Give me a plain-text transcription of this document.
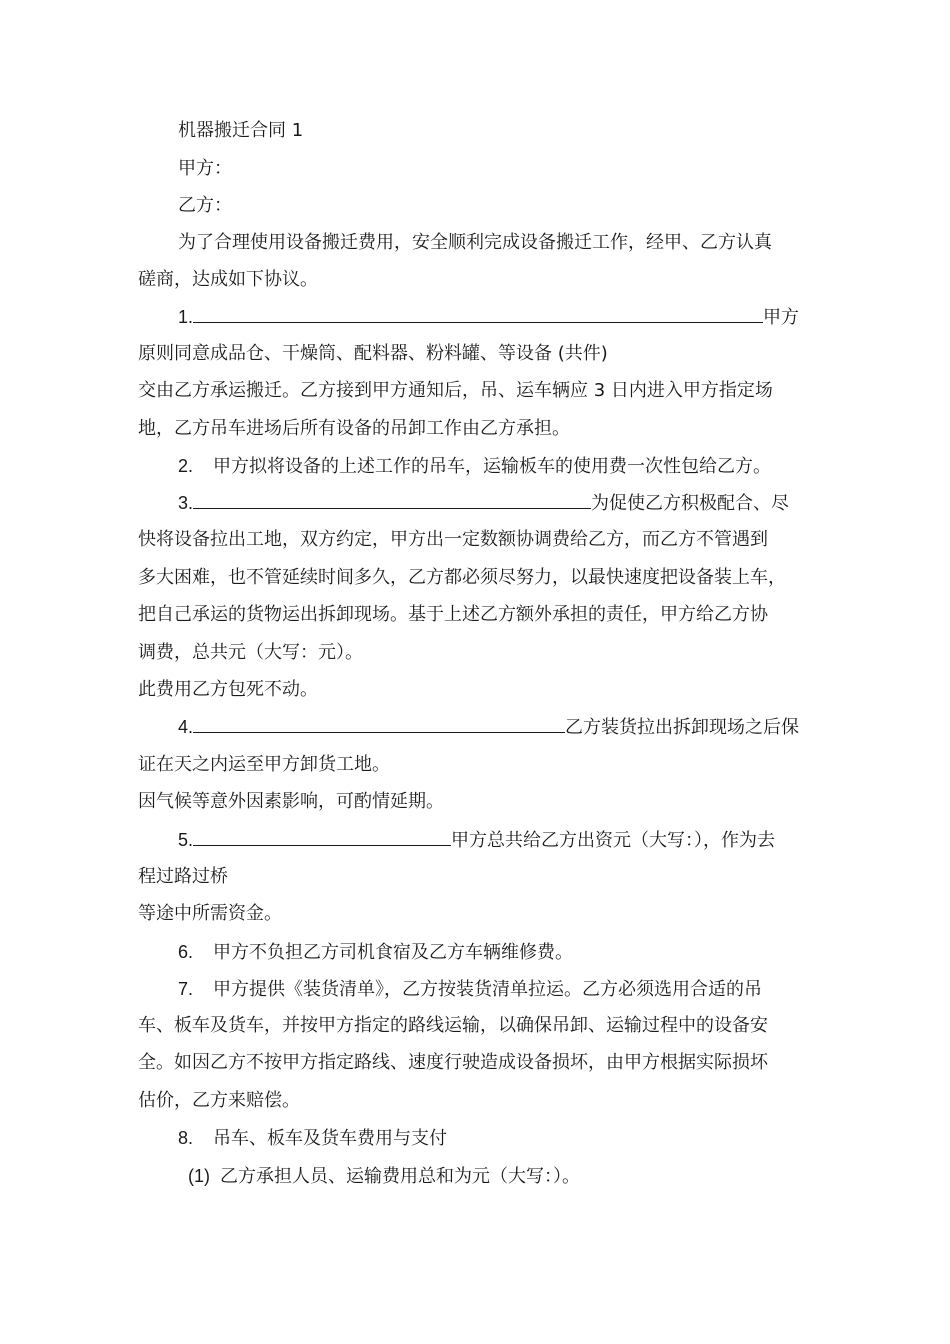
机器搬迁合同 1
甲方：
乙方：
为了合理使用设备搬迁费用，安全顺利完成设备搬迁工作，经甲、乙方认真
磋商，达成如下协议。
1.	甲方
原则同意成品仓、干燥筒、配料器、粉料罐、等设备 (共件)
交由乙方承运搬迁。乙方接到甲方通知后，吊、运车辆应 3 日内进入甲方指定场
地，乙方吊车进场后所有设备的吊卸工作由乙方承担。
2. 甲方拟将设备的上述工作的吊车，运输板车的使用费一次性包给乙方。
3.	为促使乙方积极配合、尽
快将设备拉出工地，双方约定，甲方出一定数额协调费给乙方，而乙方不管遇到
多大困难，也不管延续时间多久，乙方都必须尽努力，以最快速度把设备装上车，
把自己承运的货物运出拆卸现场。基于上述乙方额外承担的责任，甲方给乙方协
调费，总共元（大写：元）。
此费用乙方包死不动。
4.	乙方装货拉出拆卸现场之后保
证在天之内运至甲方卸货工地。
因气候等意外因素影响，可酌情延期。
5.	甲方总共给乙方出资元（大写：），作为去
程过路过桥
等途中所需资金。
6. 甲方不负担乙方司机食宿及乙方车辆维修费。
7. 甲方提供《装货清单》，乙方按装货清单拉运。乙方必须选用合适的吊
车、板车及货车，并按甲方指定的路线运输，以确保吊卸、运输过程中的设备安
全。如因乙方不按甲方指定路线、速度行驶造成设备损坏，由甲方根据实际损坏
估价，乙方来赔偿。
8. 吊车、板车及货车费用与支付
(1) 乙方承担人员、运输费用总和为元（大写：）。
